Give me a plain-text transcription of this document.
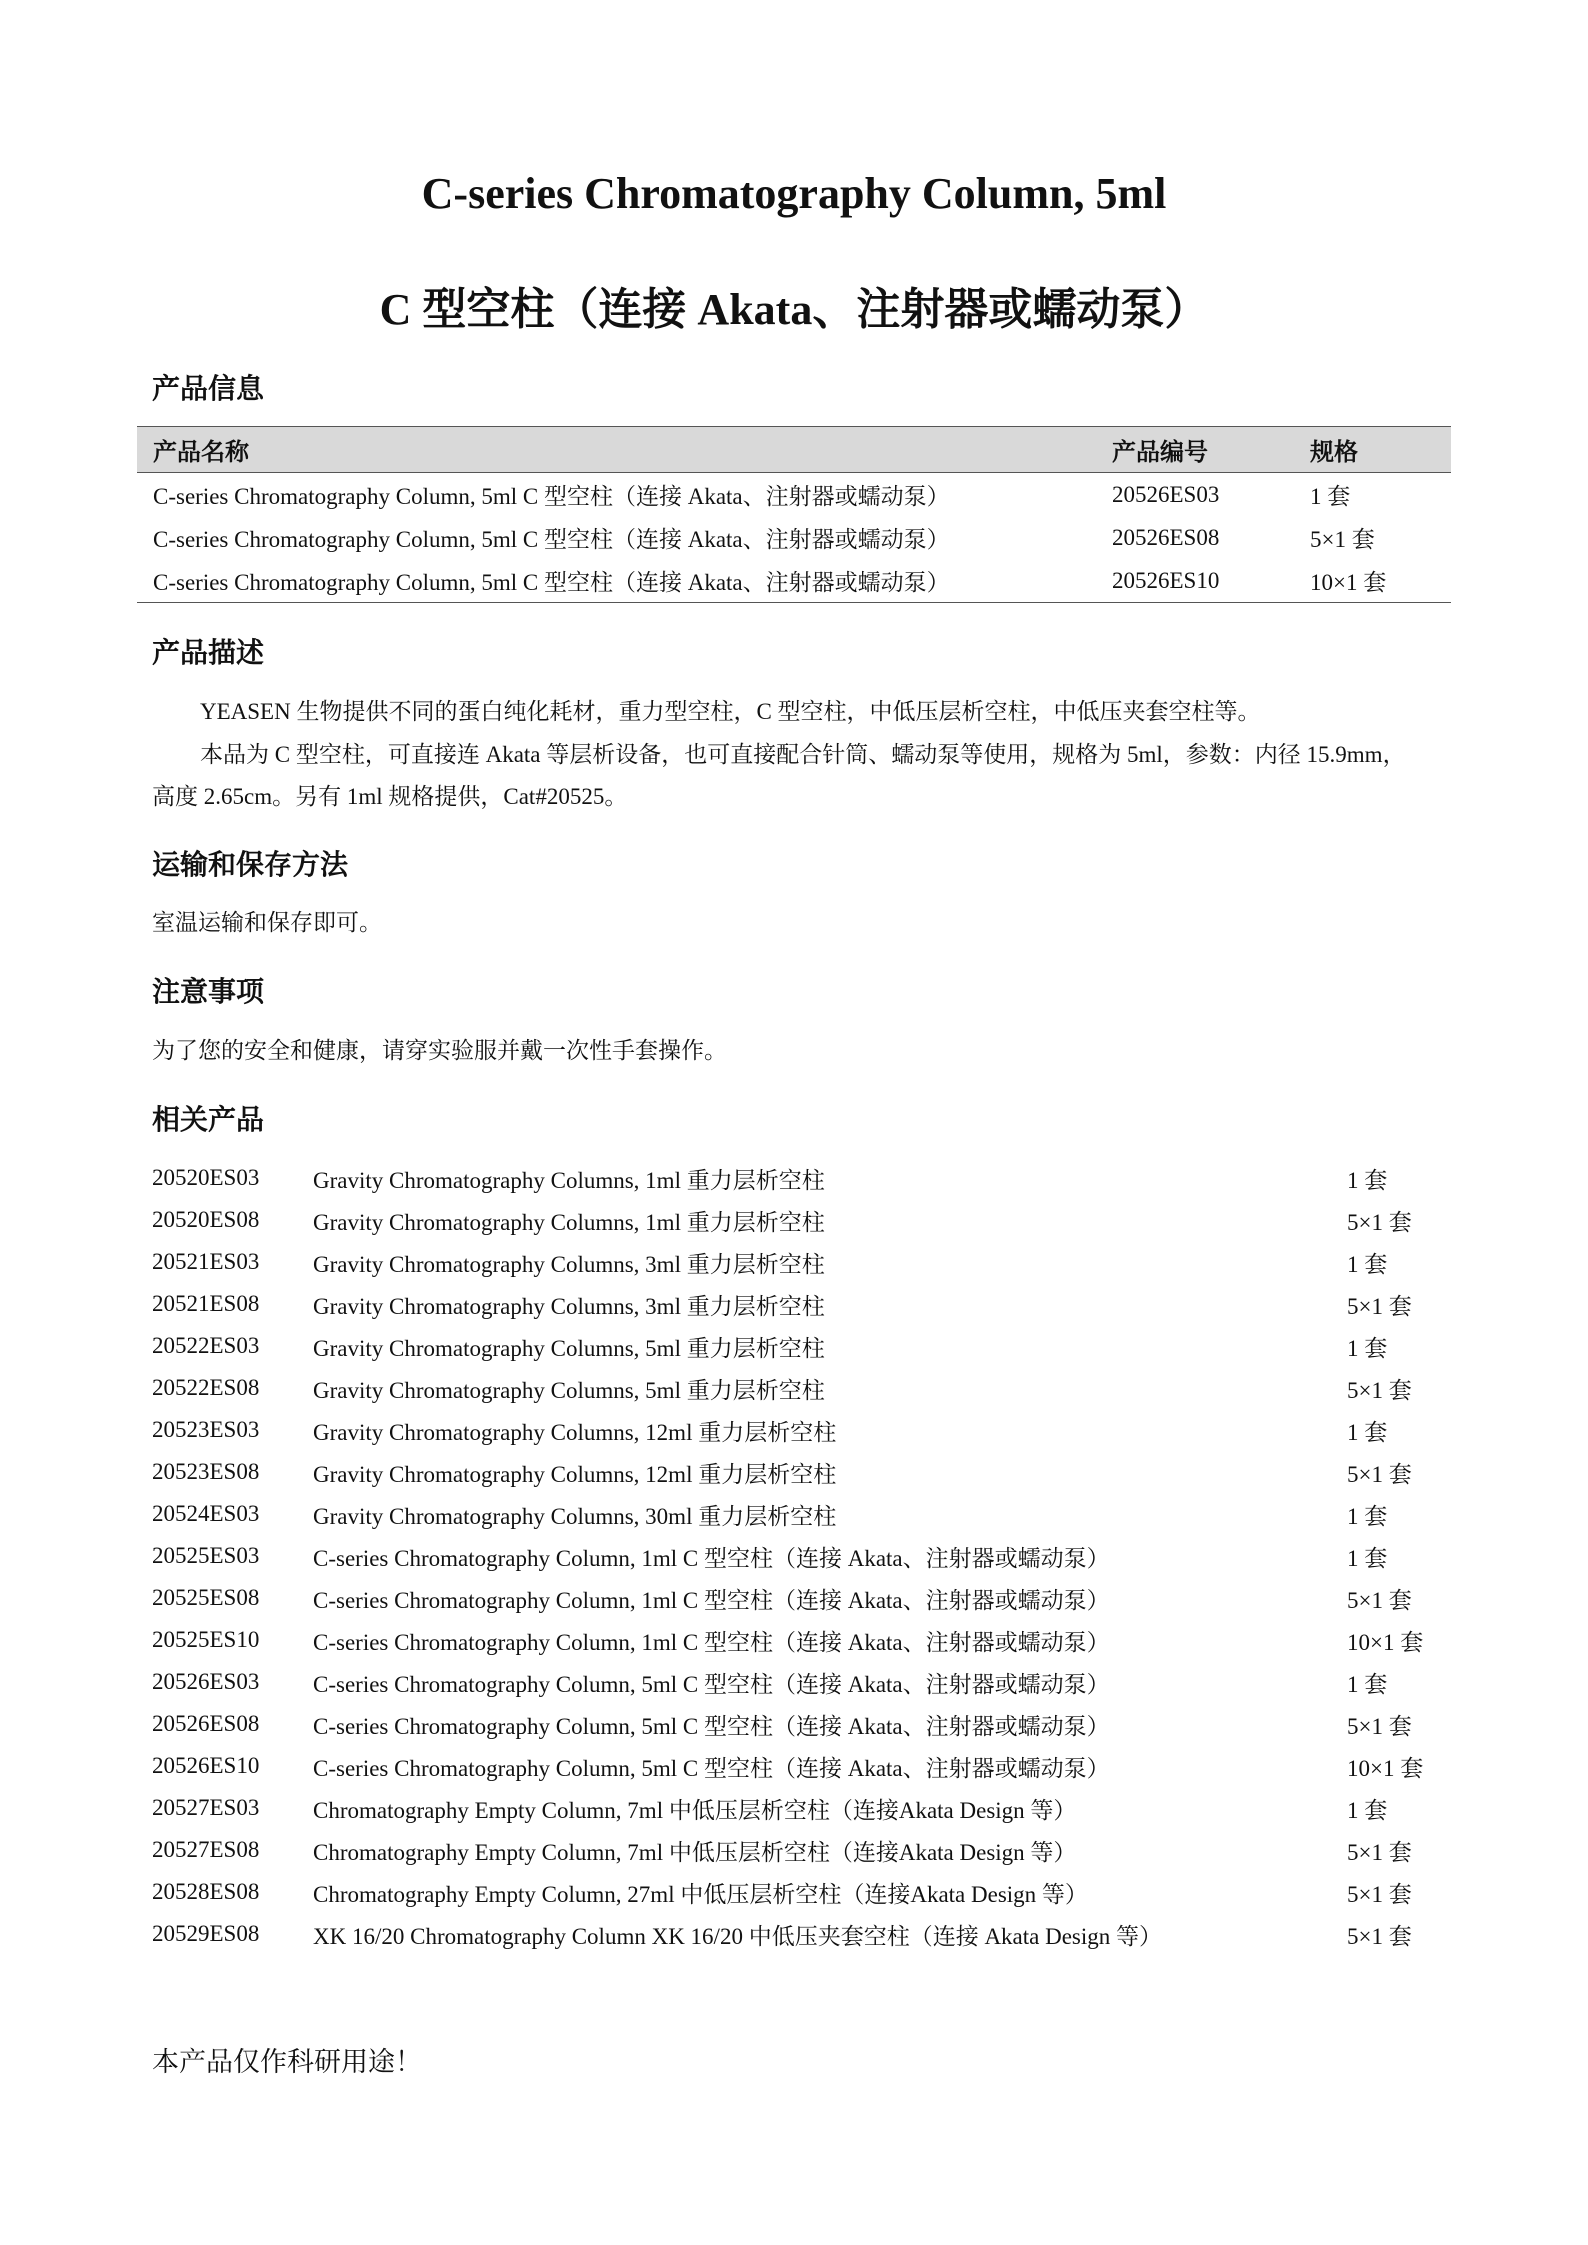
C-series Chromatography Column, 5ml
C 型空柱（连接 Akata、注射器或蠕动泵）
产品信息
产品名称	产品编号	规格
C-series Chromatography Column, 5ml C 型空柱（连接 Akata、注射器或蠕动泵）	20526ES03	1 套
C-series Chromatography Column, 5ml C 型空柱（连接 Akata、注射器或蠕动泵）	20526ES08	5×1 套
C-series Chromatography Column, 5ml C 型空柱（连接 Akata、注射器或蠕动泵）	20526ES10	10×1 套
产品描述
YEASEN 生物提供不同的蛋白纯化耗材，重力型空柱，C 型空柱，中低压层析空柱，中低压夹套空柱等。
本品为 C 型空柱，可直接连 Akata 等层析设备，也可直接配合针筒、蠕动泵等使用，规格为 5ml，参数：内径 15.9mm，
高度 2.65cm。另有 1ml 规格提供，Cat#20525。
运输和保存方法
室温运输和保存即可。
注意事项
为了您的安全和健康，请穿实验服并戴一次性手套操作。
相关产品
20520ES03	Gravity Chromatography Columns, 1ml 重力层析空柱	1 套
20520ES08	Gravity Chromatography Columns, 1ml 重力层析空柱	5×1 套
20521ES03	Gravity Chromatography Columns, 3ml 重力层析空柱	1 套
20521ES08	Gravity Chromatography Columns, 3ml 重力层析空柱	5×1 套
20522ES03	Gravity Chromatography Columns, 5ml 重力层析空柱	1 套
20522ES08	Gravity Chromatography Columns, 5ml 重力层析空柱	5×1 套
20523ES03	Gravity Chromatography Columns, 12ml 重力层析空柱	1 套
20523ES08	Gravity Chromatography Columns, 12ml 重力层析空柱	5×1 套
20524ES03	Gravity Chromatography Columns, 30ml 重力层析空柱	1 套
20525ES03	C-series Chromatography Column, 1ml C 型空柱（连接 Akata、注射器或蠕动泵）	1 套
20525ES08	C-series Chromatography Column, 1ml C 型空柱（连接 Akata、注射器或蠕动泵）	5×1 套
20525ES10	C-series Chromatography Column, 1ml C 型空柱（连接 Akata、注射器或蠕动泵）	10×1 套
20526ES03	C-series Chromatography Column, 5ml C 型空柱（连接 Akata、注射器或蠕动泵）	1 套
20526ES08	C-series Chromatography Column, 5ml C 型空柱（连接 Akata、注射器或蠕动泵）	5×1 套
20526ES10	C-series Chromatography Column, 5ml C 型空柱（连接 Akata、注射器或蠕动泵）	10×1 套
20527ES03	Chromatography Empty Column, 7ml 中低压层析空柱（连接Akata Design 等）	1 套
20527ES08	Chromatography Empty Column, 7ml 中低压层析空柱（连接Akata Design 等）	5×1 套
20528ES08	Chromatography Empty Column, 27ml 中低压层析空柱（连接Akata Design 等）	5×1 套
20529ES08	XK 16/20 Chromatography Column XK 16/20 中低压夹套空柱（连接 Akata Design 等）	5×1 套
本产品仅作科研用途！
